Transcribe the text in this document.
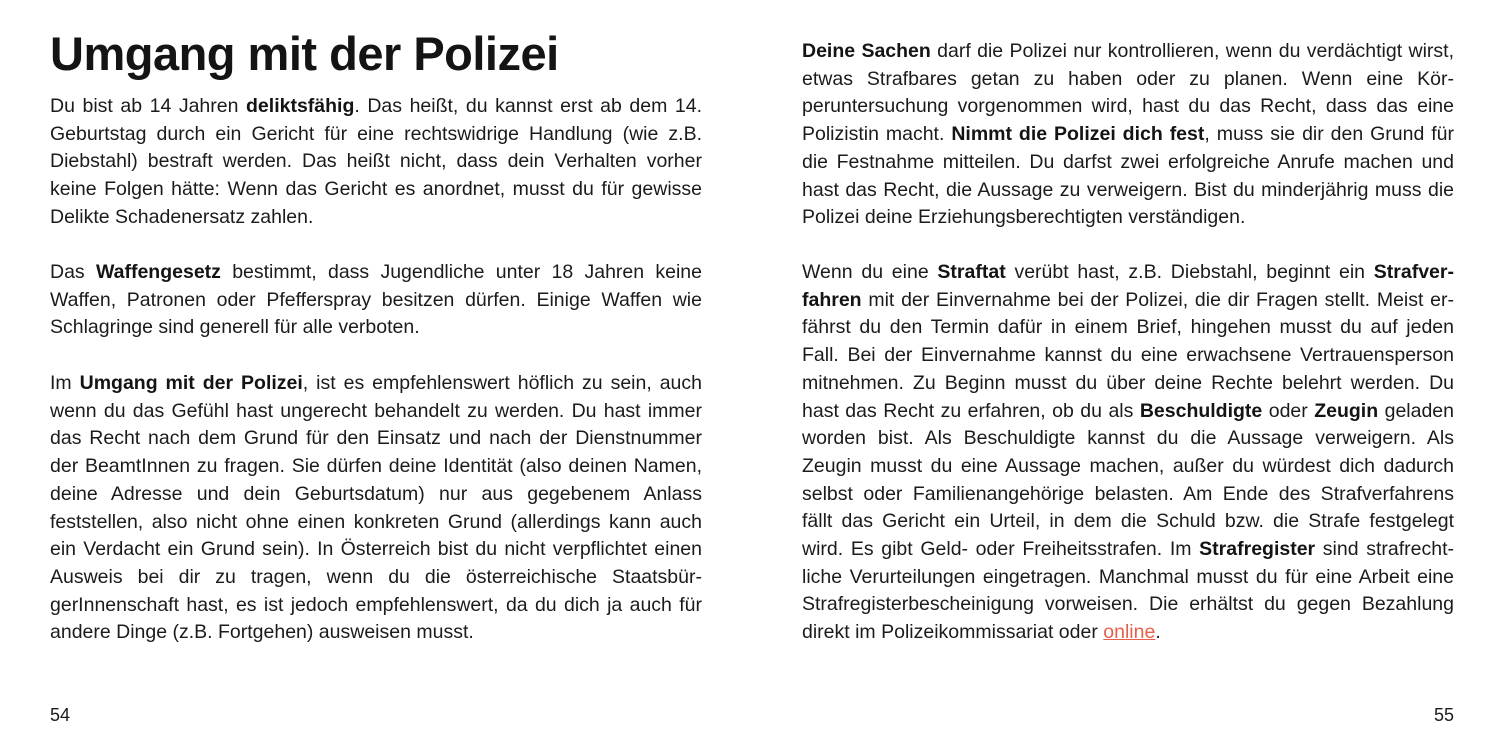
Umgang mit der Polizei

Du bist ab 14 Jahren deliktsfähig. Das heißt, du kannst erst ab dem 14. Geburtstag durch ein Gericht für eine rechtswidrige Handlung (wie z.B. Diebstahl) bestraft werden. Das heißt nicht, dass dein Verhalten vorher keine Folgen hätte: Wenn das Gericht es anordnet, musst du für gewisse Delikte Schadenersatz zahlen.

Das Waffengesetz bestimmt, dass Jugendliche unter 18 Jahren keine Waffen, Patronen oder Pfefferspray besitzen dürfen. Einige Waffen wie Schlagringe sind generell für alle verboten.

Im Umgang mit der Polizei, ist es empfehlenswert höflich zu sein, auch wenn du das Gefühl hast ungerecht behandelt zu werden. Du hast immer das Recht nach dem Grund für den Einsatz und nach der Dienstnummer der BeamtInnen zu fragen. Sie dürfen deine Identität (also deinen Namen, deine Adresse und dein Geburtsdatum) nur aus gegebenem Anlass feststellen, also nicht ohne einen konkreten Grund (allerdings kann auch ein Verdacht ein Grund sein). In Österreich bist du nicht verpflichtet einen Ausweis bei dir zu tragen, wenn du die österreichische StaatsbürgerInnenschaft hast, es ist jedoch empfehlenswert, da du dich ja auch für andere Dinge (z.B. Fortgehen) ausweisen musst.

54

Deine Sachen darf die Polizei nur kontrollieren, wenn du verdächtigt wirst, etwas Strafbares getan zu haben oder zu planen. Wenn eine Körperuntersuchung vorgenommen wird, hast du das Recht, dass das eine Polizistin macht. Nimmt die Polizei dich fest, muss sie dir den Grund für die Festnahme mitteilen. Du darfst zwei erfolgreiche Anrufe machen und hast das Recht, die Aussage zu verweigern. Bist du minderjährig muss die Polizei deine Erziehungsberechtigten verständigen.

Wenn du eine Straftat verübt hast, z.B. Diebstahl, beginnt ein Strafverfahren mit der Einvernahme bei der Polizei, die dir Fragen stellt. Meist erfährst du den Termin dafür in einem Brief, hingehen musst du auf jeden Fall. Bei der Einvernahme kannst du eine erwachsene Vertrauensperson mitnehmen. Zu Beginn musst du über deine Rechte belehrt werden. Du hast das Recht zu erfahren, ob du als Beschuldigte oder Zeugin geladen worden bist. Als Beschuldigte kannst du die Aussage verweigern. Als Zeugin musst du eine Aussage machen, außer du würdest dich dadurch selbst oder Familienangehörige belasten. Am Ende des Strafverfahrens fällt das Gericht ein Urteil, in dem die Schuld bzw. die Strafe festgelegt wird. Es gibt Geld- oder Freiheitsstrafen. Im Strafregister sind strafrechtliche Verurteilungen eingetragen. Manchmal musst du für eine Arbeit eine Strafregisterbescheinigung vorweisen. Die erhältst du gegen Bezahlung direkt im Polizeikommissariat oder online.

55
